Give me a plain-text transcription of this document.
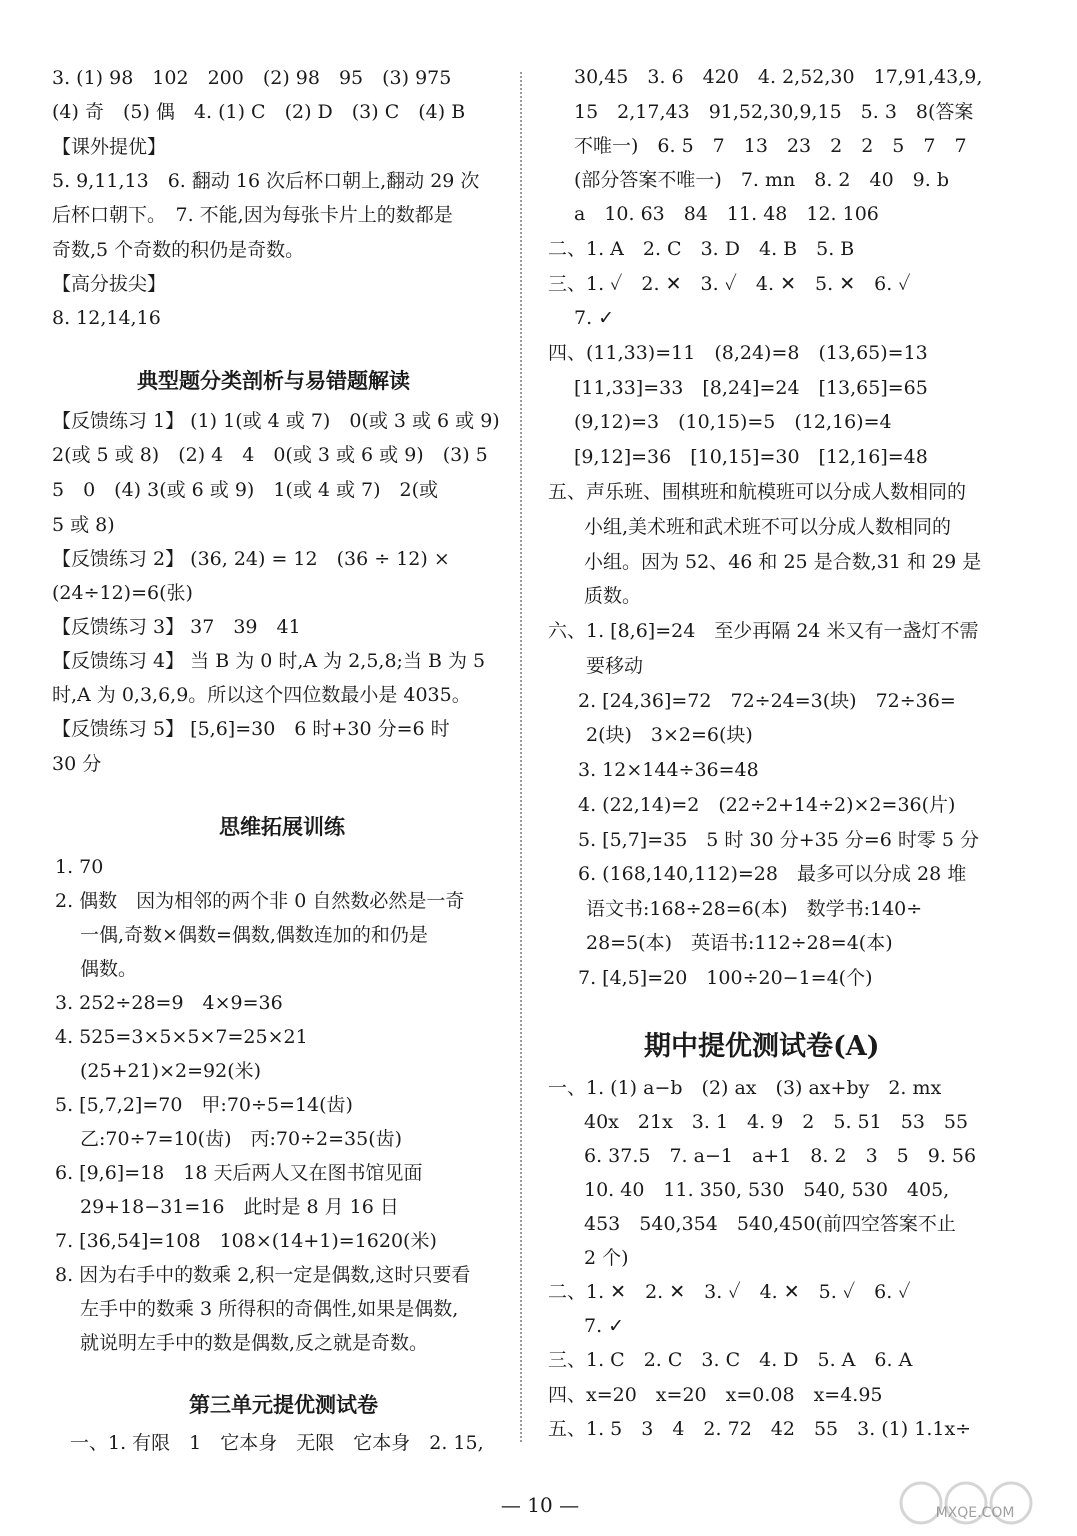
3. (1) 98　102　200　(2) 98　95　(3) 975
(4) 奇　(5) 偶　4. (1) C　(2) D　(3) C　(4) B
【课外提优】
5. 9,11,13　6. 翻动 16 次后杯口朝上,翻动 29 次
后杯口朝下。　7. 不能,因为每张卡片上的数都是
奇数,5 个奇数的积仍是奇数。
【高分拔尖】
8. 12,14,16
典型题分类剖析与易错题解读
【反馈练习 1】 (1) 1(或 4 或 7)　0(或 3 或 6 或 9)
2(或 5 或 8)　(2) 4　4　0(或 3 或 6 或 9)　(3) 5
5　0　(4) 3(或 6 或 9)　1(或 4 或 7)　2(或
5 或 8)
【反馈练习 2】 (36, 24) = 12　(36 ÷ 12) ×
(24÷12)=6(张)
【反馈练习 3】 37　39　41
【反馈练习 4】 当 B 为 0 时,A 为 2,5,8;当 B 为 5
时,A 为 0,3,6,9。所以这个四位数最小是 4035。
【反馈练习 5】 [5,6]=30　6 时+30 分=6 时
30 分
思维拓展训练
1. 70
2. 偶数　因为相邻的两个非 0 自然数必然是一奇
一偶,奇数×偶数=偶数,偶数连加的和仍是
偶数。
3. 252÷28=9　4×9=36
4. 525=3×5×5×7=25×21
(25+21)×2=92(米)
5. [5,7,2]=70　甲:70÷5=14(齿)
乙:70÷7=10(齿)　丙:70÷2=35(齿)
6. [9,6]=18　18 天后两人又在图书馆见面
29+18−31=16　此时是 8 月 16 日
7. [36,54]=108　108×(14+1)=1620(米)
8. 因为右手中的数乘 2,积一定是偶数,这时只要看
左手中的数乘 3 所得积的奇偶性,如果是偶数,
就说明左手中的数是偶数,反之就是奇数。
第三单元提优测试卷
一、1. 有限　1　它本身　无限　它本身　2. 15,
30,45　3. 6　420　4. 2,52,30　17,91,43,9,
15　2,17,43　91,52,30,9,15　5. 3　8(答案
不唯一)　6. 5　7　13　23　2　2　5　7　7
(部分答案不唯一)　7. mn　8. 2　40　9. b
a　10. 63　84　11. 48　12. 106
二、1. A　2. C　3. D　4. B　5. B
三、1. ✓　2. ✕　3. ✓　4. ✕　5. ✕　6. ✓
7. ✓
四、(11,33)=11　(8,24)=8　(13,65)=13
[11,33]=33　[8,24]=24　[13,65]=65
(9,12)=3　(10,15)=5　(12,16)=4
[9,12]=36　[10,15]=30　[12,16]=48
五、声乐班、围棋班和航模班可以分成人数相同的
小组,美术班和武术班不可以分成人数相同的
小组。因为 52、46 和 25 是合数,31 和 29 是
质数。
六、1. [8,6]=24　至少再隔 24 米又有一盏灯不需
要移动
2. [24,36]=72　72÷24=3(块)　72÷36=
2(块)　3×2=6(块)
3. 12×144÷36=48
4. (22,14)=2　(22÷2+14÷2)×2=36(片)
5. [5,7]=35　5 时 30 分+35 分=6 时零 5 分
6. (168,140,112)=28　最多可以分成 28 堆
语文书:168÷28=6(本)　数学书:140÷
28=5(本)　英语书:112÷28=4(本)
7. [4,5]=20　100÷20−1=4(个)
期中提优测试卷(A)
一、1. (1) a−b　(2) ax　(3) ax+by　2. mx
40x　21x　3. 1　4. 9　2　5. 51　53　55
6. 37.5　7. a−1　a+1　8. 2　3　5　9. 56
10. 40　11. 350, 530　540, 530　405,
453　540,354　540,450(前四空答案不止
2 个)
二、1. ✕　2. ✕　3. ✓　4. ✕　5. ✓　6. ✓
7. ✓
三、1. C　2. C　3. C　4. D　5. A　6. A
四、x=20　x=20　x=0.08　x=4.95
五、1. 5　3　4　2. 72　42　55　3. (1) 1.1x÷
— 10 —	MXQE.COM
